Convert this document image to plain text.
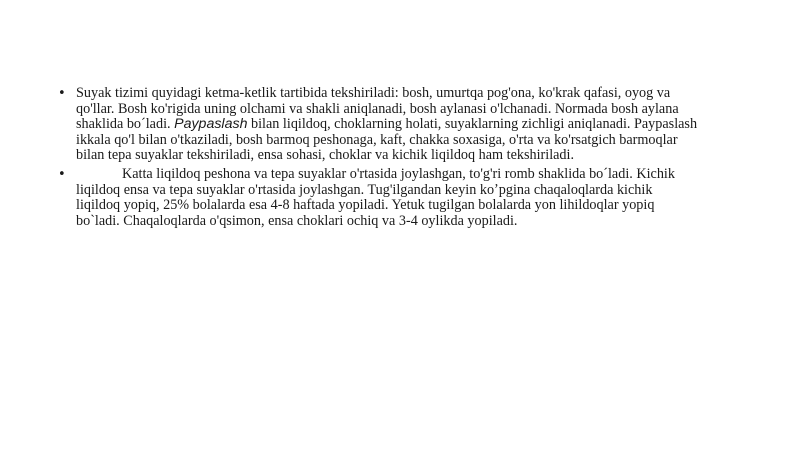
• Suyak tizimi quyidagi ketma-ketlik tartibida tekshiriladi: bosh, umurtqa pog'ona, ko'krak qafasi, oyog va qo'llar. Bosh ko'rigida uning olchami va shakli aniqlanadi, bosh aylanasi o'lchanadi. Normada bosh aylana shaklida bo´ladi. Paypaslash bilan liqildoq, choklarning holati, suyaklarning zichligi aniqlanadi. Paypaslash ikkala qo'l bilan o'tkaziladi, bosh barmoq peshonaga, kaft, chakka soxasiga, o'rta va ko'rsatgich barmoqlar bilan tepa suyaklar tekshiriladi, ensa sohasi, choklar va kichik liqildoq ham tekshiriladi.
•	Katta liqildoq peshona va tepa suyaklar o'rtasida joylashgan, to'g'ri romb shaklida bo´ladi. Kichik liqildoq ensa va tepa suyaklar o'rtasida joylashgan. Tug'ilgandan keyin koʼpgina chaqaloqlarda kichik liqildoq yopiq, 25% bolalarda esa 4-8 haftada yopiladi. Yetuk tugilgan bolalarda yon lihildoqlar yopiq bo`ladi. Chaqaloqlarda o'qsimon, ensa choklari ochiq va 3-4 oylikda yopiladi.
